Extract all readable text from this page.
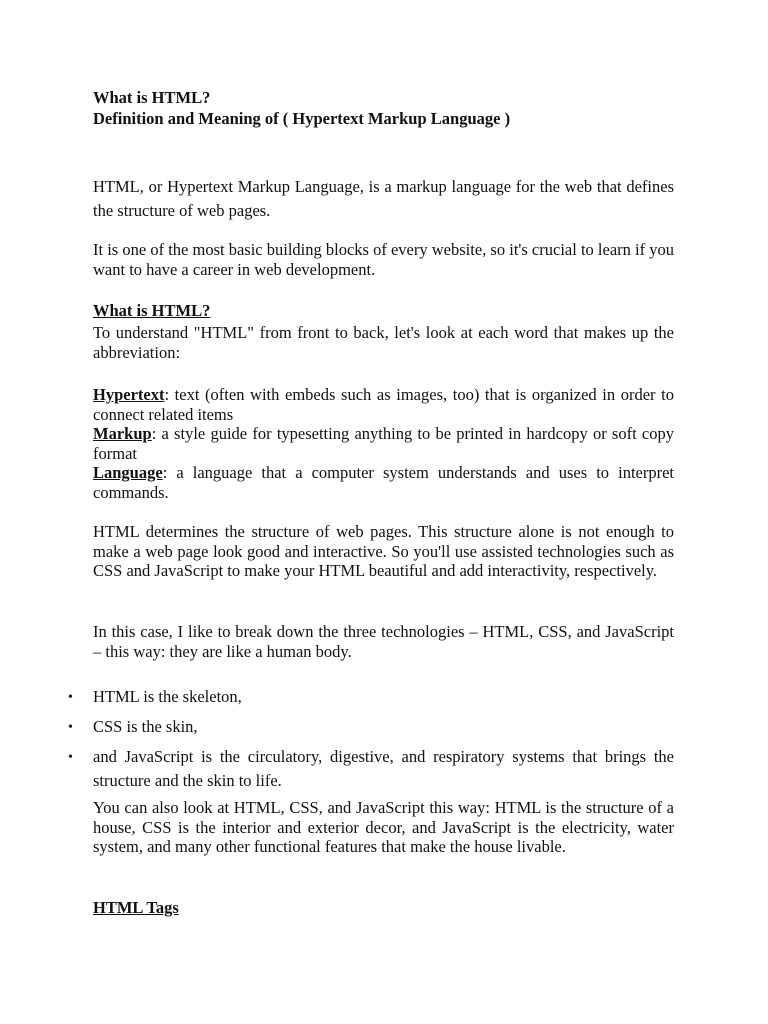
What is HTML?

Definition and Meaning of ( Hypertext Markup Language )

HTML, or Hypertext Markup Language, is a markup language for the web that defines the structure of web pages.

It is one of the most basic building blocks of every website, so it's crucial to learn if you want to have a career in web development.

What is HTML?

To understand "HTML" from front to back, let's look at each word that makes up the abbreviation:

Hypertext: text (often with embeds such as images, too) that is organized in order to connect related items

Markup: a style guide for typesetting anything to be printed in hardcopy or soft copy format

Language: a language that a computer system understands and uses to interpret commands.

HTML determines the structure of web pages. This structure alone is not enough to make a web page look good and interactive. So you'll use assisted technologies such as CSS and JavaScript to make your HTML beautiful and add interactivity, respectively.

In this case, I like to break down the three technologies – HTML, CSS, and JavaScript – this way: they are like a human body.

• HTML is the skeleton,

• CSS is the skin,

• and JavaScript is the circulatory, digestive, and respiratory systems that brings the structure and the skin to life.

You can also look at HTML, CSS, and JavaScript this way: HTML is the structure of a house, CSS is the interior and exterior decor, and JavaScript is the electricity, water system, and many other functional features that make the house livable.

HTML Tags
